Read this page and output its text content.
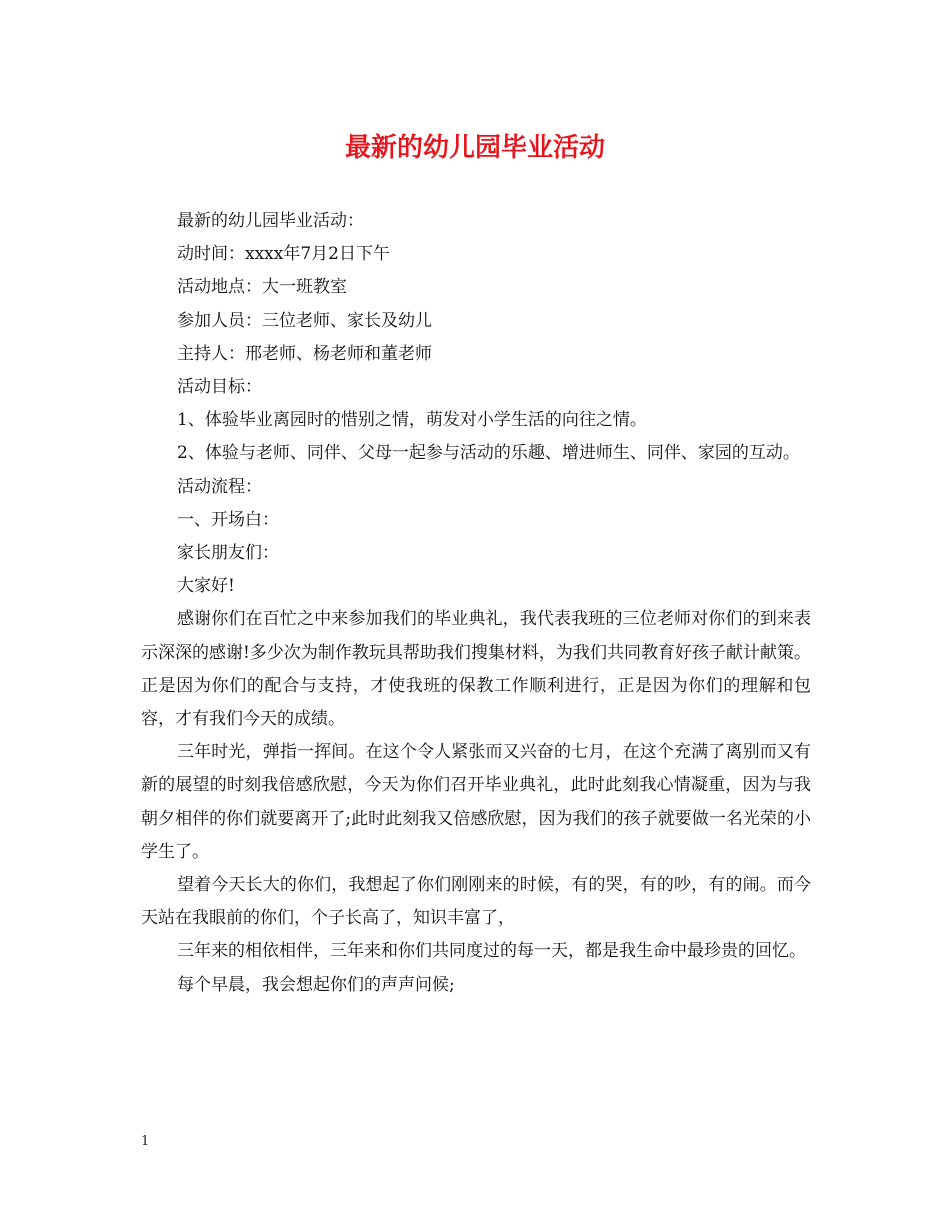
最新的幼儿园毕业活动

最新的幼儿园毕业活动：

动时间：xxxx年7月2日下午

活动地点：大一班教室

参加人员：三位老师、家长及幼儿

主持人：邢老师、杨老师和董老师

活动目标：

1、体验毕业离园时的惜别之情，萌发对小学生活的向往之情。

2、体验与老师、同伴、父母一起参与活动的乐趣、增进师生、同伴、家园的互动。

活动流程：

一、开场白：

家长朋友们：

大家好!

感谢你们在百忙之中来参加我们的毕业典礼，我代表我班的三位老师对你们的到来表示深深的感谢!多少次为制作教玩具帮助我们搜集材料，为我们共同教育好孩子献计献策。正是因为你们的配合与支持，才使我班的保教工作顺利进行，正是因为你们的理解和包容，才有我们今天的成绩。

三年时光，弹指一挥间。在这个令人紧张而又兴奋的七月，在这个充满了离别而又有新的展望的时刻我倍感欣慰，今天为你们召开毕业典礼，此时此刻我心情凝重，因为与我朝夕相伴的你们就要离开了;此时此刻我又倍感欣慰，因为我们的孩子就要做一名光荣的小学生了。

望着今天长大的你们，我想起了你们刚刚来的时候，有的哭，有的吵，有的闹。而今天站在我眼前的你们，个子长高了，知识丰富了，

三年来的相依相伴，三年来和你们共同度过的每一天，都是我生命中最珍贵的回忆。

每个早晨，我会想起你们的声声问候;

1
